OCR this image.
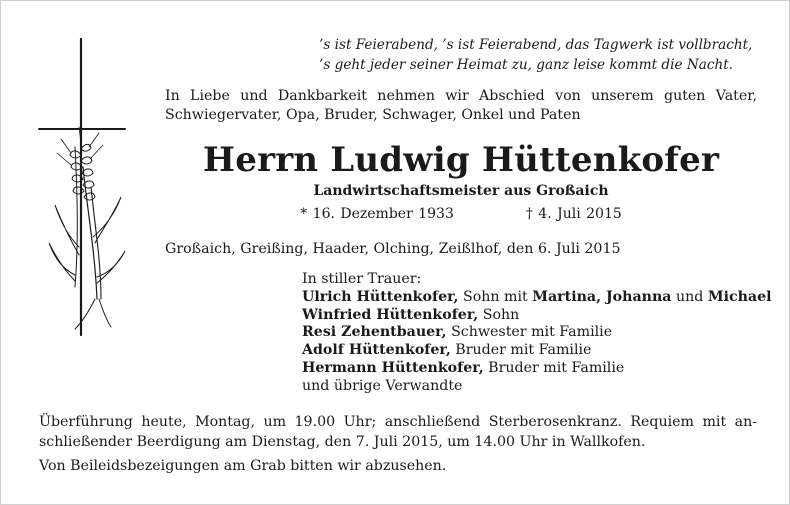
’s ist Feierabend, ’s ist Feierabend, das Tagwerk ist vollbracht,
’s geht jeder seiner Heimat zu, ganz leise kommt die Nacht.
In Liebe und Dankbarkeit nehmen wir Abschied von unserem guten Vater,
Schwiegervater, Opa, Bruder, Schwager, Onkel und Paten
Herrn Ludwig Hüttenkofer
Landwirtschaftsmeister aus Großaich
* 16. Dezember 1933	† 4. Juli 2015
Großaich, Greißing, Haader, Olching, Zeißlhof, den 6. Juli 2015
In stiller Trauer:
Ulrich Hüttenkofer, Sohn mit Martina, Johanna und Michael
Winfried Hüttenkofer, Sohn
Resi Zehentbauer, Schwester mit Familie
Adolf Hüttenkofer, Bruder mit Familie
Hermann Hüttenkofer, Bruder mit Familie
und übrige Verwandte
Überführung heute, Montag, um 19.00 Uhr; anschließend Sterberosenkranz. Requiem mit an-
schließender Beerdigung am Dienstag, den 7. Juli 2015, um 14.00 Uhr in Wallkofen.
Von Beileidsbezeigungen am Grab bitten wir abzusehen.
